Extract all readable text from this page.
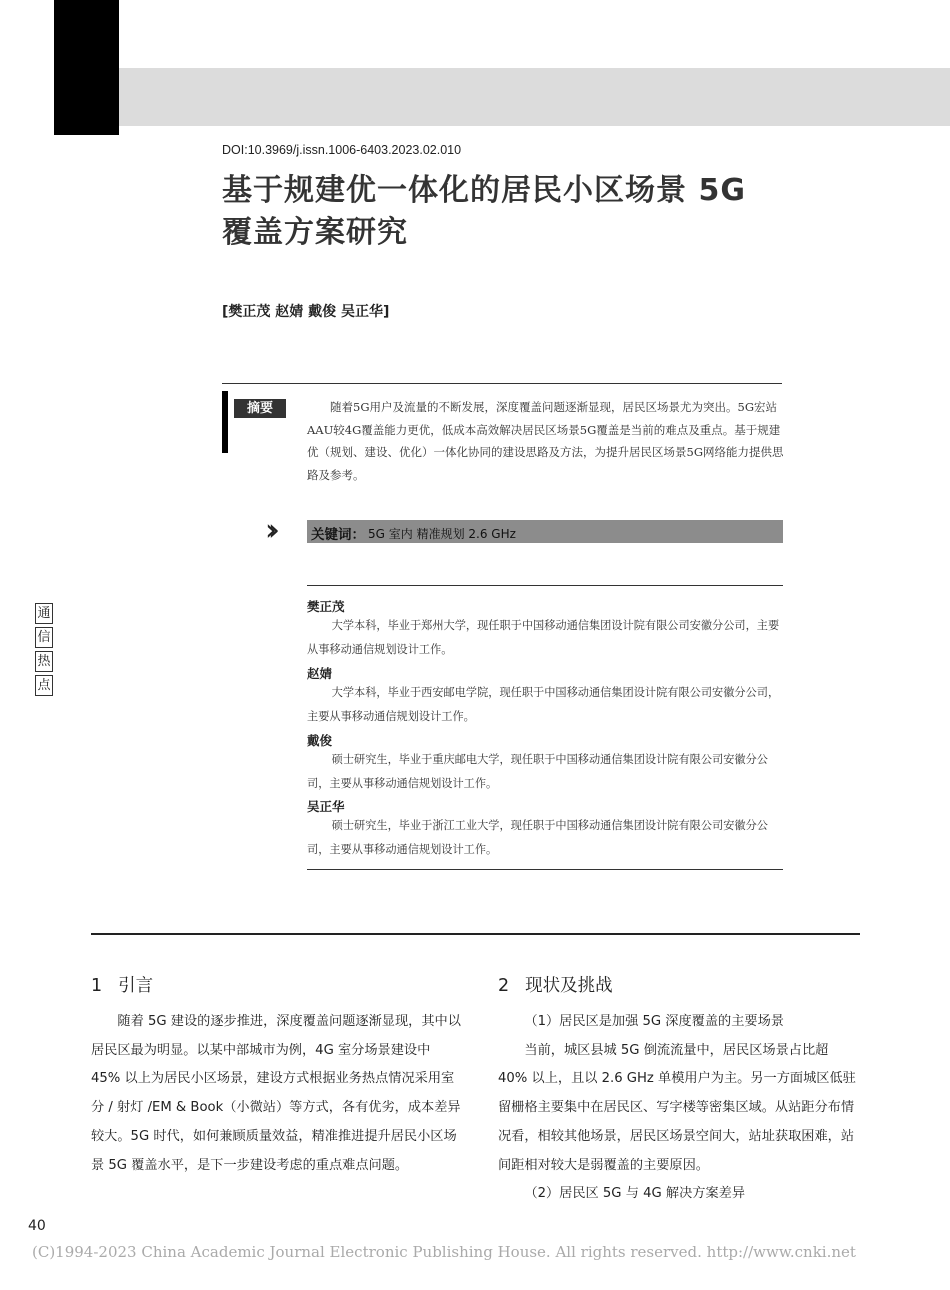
DOI:10.3969/j.issn.1006-6403.2023.02.010
基于规建优一体化的居民小区场景 5G
覆盖方案研究
[樊正茂 赵婧 戴俊 吴正华]
摘要	随着5G用户及流量的不断发展，深度覆盖问题逐渐显现，居民区场景尤为突出。5G宏站AAU较4G覆盖能力更优，低成本高效解决居民区场景5G覆盖是当前的难点及重点。基于规建优（规划、建设、优化）一体化协同的建设思路及方法，为提升居民区场景5G网络能力提供思路及参考。

››	关键词： 5G 室内 精准规划 2.6 GHz
樊正茂

大学本科，毕业于郑州大学，现任职于中国移动通信集团设计院有限公司安徽分公司，主要从事移动通信规划设计工作。

赵婧

大学本科，毕业于西安邮电学院，现任职于中国移动通信集团设计院有限公司安徽分公司，主要从事移动通信规划设计工作。

戴俊

硕士研究生，毕业于重庆邮电大学，现任职于中国移动通信集团设计院有限公司安徽分公司，主要从事移动通信规划设计工作。

吴正华

硕士研究生，毕业于浙江工业大学，现任职于中国移动通信集团设计院有限公司安徽分公司，主要从事移动通信规划设计工作。

通
信
热
点
1 引言

随着 5G 建设的逐步推进，深度覆盖问题逐渐显现，其中以居民区最为明显。以某中部城市为例，4G 室分场景建设中 45% 以上为居民小区场景，建设方式根据业务热点情况采用室分 / 射灯 /EM & Book（小微站）等方式，各有优劣，成本差异较大。5G 时代，如何兼顾质量效益，精准推进提升居民小区场景 5G 覆盖水平，是下一步建设考虑的重点难点问题。

2 现状及挑战

（1）居民区是加强 5G 深度覆盖的主要场景

当前，城区县城 5G 倒流流量中，居民区场景占比超 40% 以上，且以 2.6 GHz 单模用户为主。另一方面城区低驻留栅格主要集中在居民区、写字楼等密集区域。从站距分布情况看，相较其他场景，居民区场景空间大，站址获取困难，站间距相对较大是弱覆盖的主要原因。

（2）居民区 5G 与 4G 解决方案差异

40
(C)1994-2023 China Academic Journal Electronic Publishing House. All rights reserved. http://www.cnki.net
